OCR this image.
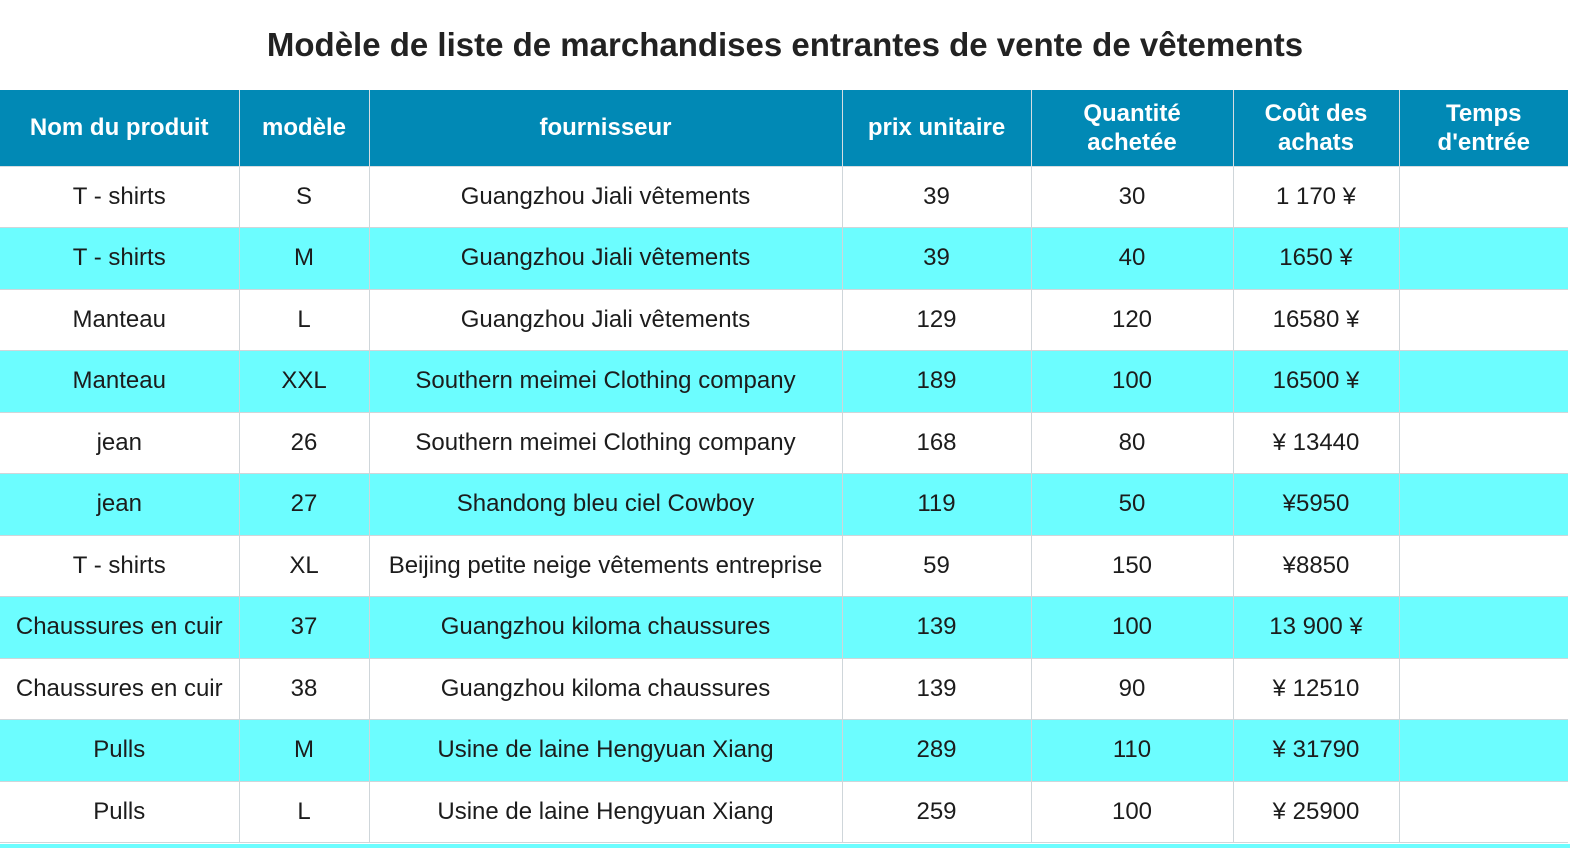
Modèle de liste de marchandises entrantes de vente de vêtements
Nom du produit	modèle	fournisseur	prix unitaire	Quantité achetée	Coût des achats	Temps d'entrée
T - shirts	S	Guangzhou Jiali vêtements	39	30	1 170 ¥	
T - shirts	M	Guangzhou Jiali vêtements	39	40	1650 ¥	
Manteau	L	Guangzhou Jiali vêtements	129	120	16580 ¥	
Manteau	XXL	Southern meimei Clothing company	189	100	16500 ¥	
jean	26	Southern meimei Clothing company	168	80	¥ 13440	
jean	27	Shandong bleu ciel Cowboy	119	50	¥5950	
T - shirts	XL	Beijing petite neige vêtements entreprise	59	150	¥8850	
Chaussures en cuir	37	Guangzhou kiloma chaussures	139	100	13 900 ¥	
Chaussures en cuir	38	Guangzhou kiloma chaussures	139	90	¥ 12510	
Pulls	M	Usine de laine Hengyuan Xiang	289	110	¥ 31790	
Pulls	L	Usine de laine Hengyuan Xiang	259	100	¥ 25900	
